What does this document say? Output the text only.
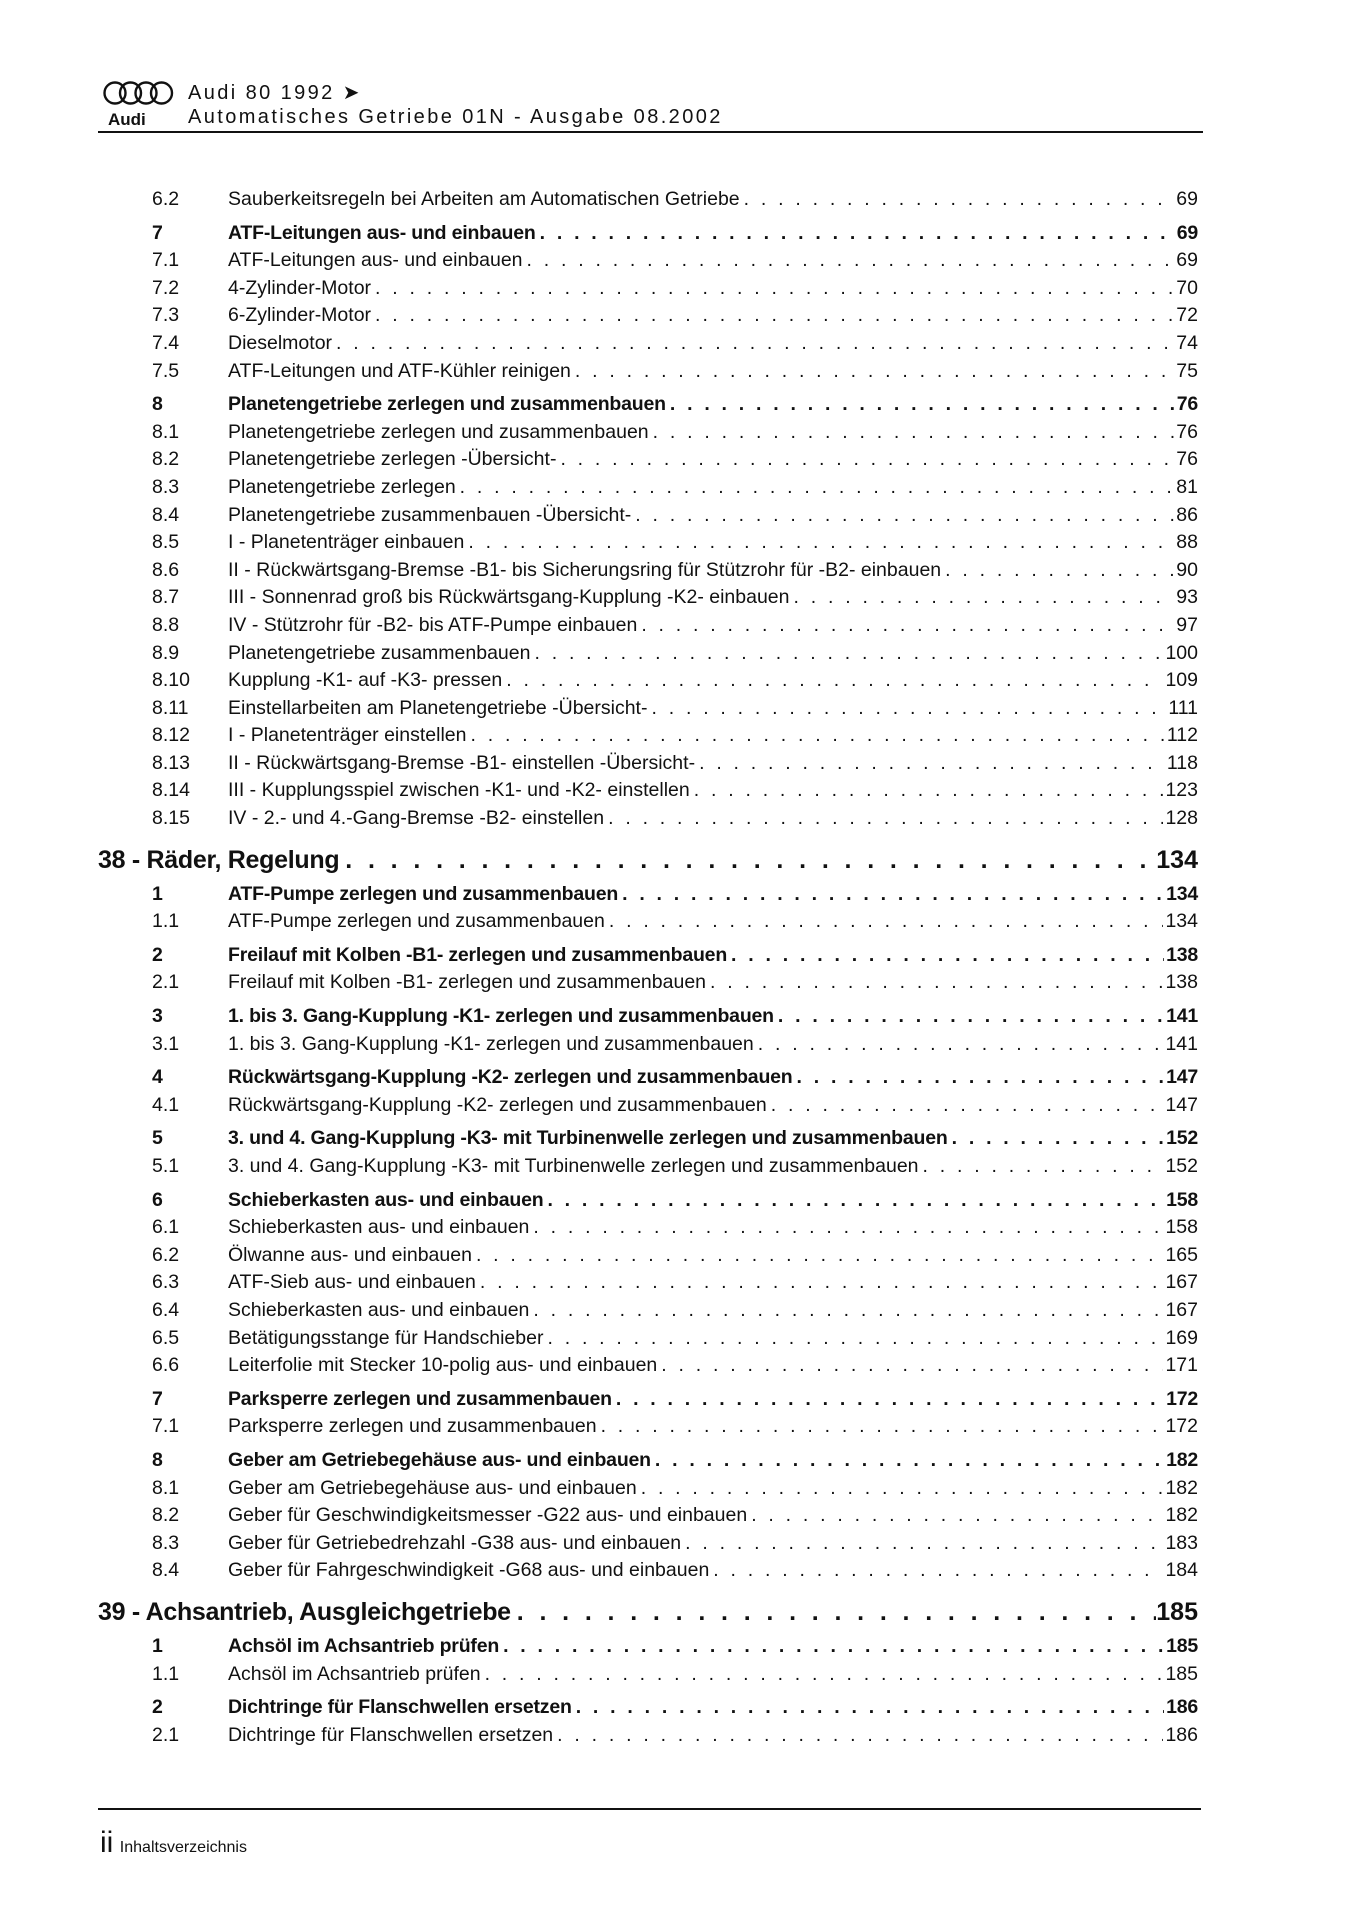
Audi
Audi 80 1992 ➤
Automatisches Getriebe 01N - Ausgabe 08.2002
6.2	Sauberkeitsregeln bei Arbeiten am Automatischen Getriebe . . .	69
7	ATF-Leitungen aus- und einbauen . . .	69
7.1	ATF-Leitungen aus- und einbauen . . .	69
7.2	4-Zylinder-Motor . . .	70
7.3	6-Zylinder-Motor . . .	72
7.4	Dieselmotor . . .	74
7.5	ATF-Leitungen und ATF-Kühler reinigen . . .	75
8	Planetengetriebe zerlegen und zusammenbauen . . .	76
8.1	Planetengetriebe zerlegen und zusammenbauen . . .	76
8.2	Planetengetriebe zerlegen -Übersicht- . . .	76
8.3	Planetengetriebe zerlegen . . .	81
8.4	Planetengetriebe zusammenbauen -Übersicht- . . .	86
8.5	I - Planetenträger einbauen . . .	88
8.6	II - Rückwärtsgang-Bremse -B1- bis Sicherungsring für Stützrohr für -B2- einbauen . . .	90
8.7	III - Sonnenrad groß bis Rückwärtsgang-Kupplung -K2- einbauen . . .	93
8.8	IV - Stützrohr für -B2- bis ATF-Pumpe einbauen . . .	97
8.9	Planetengetriebe zusammenbauen . . .	100
8.10 Kupplung -K1- auf -K3- pressen . . .	109
8.11 Einstellarbeiten am Planetengetriebe -Übersicht- . . .	111
8.12 I - Planetenträger einstellen . . .	112
8.13 II - Rückwärtsgang-Bremse -B1- einstellen -Übersicht- . . .	118
8.14 III - Kupplungsspiel zwischen -K1- und -K2- einstellen . . .	123
8.15 IV - 2.- und 4.-Gang-Bremse -B2- einstellen . . .	128
38 - Räder, Regelung . . .	134
1	ATF-Pumpe zerlegen und zusammenbauen . . .	134
1.1	ATF-Pumpe zerlegen und zusammenbauen . . .	134
2	Freilauf mit Kolben -B1- zerlegen und zusammenbauen . . .	138
2.1	Freilauf mit Kolben -B1- zerlegen und zusammenbauen . . .	138
3	1. bis 3. Gang-Kupplung -K1- zerlegen und zusammenbauen . . .	141
3.1	1. bis 3. Gang-Kupplung -K1- zerlegen und zusammenbauen . . .	141
4	Rückwärtsgang-Kupplung -K2- zerlegen und zusammenbauen . . .	147
4.1	Rückwärtsgang-Kupplung -K2- zerlegen und zusammenbauen . . .	147
5	3. und 4. Gang-Kupplung -K3- mit Turbinenwelle zerlegen und zusammenbauen . . .	152
5.1	3. und 4. Gang-Kupplung -K3- mit Turbinenwelle zerlegen und zusammenbauen . . .	152
6	Schieberkasten aus- und einbauen . . .	158
6.1	Schieberkasten aus- und einbauen . . .	158
6.2	Ölwanne aus- und einbauen . . .	165
6.3	ATF-Sieb aus- und einbauen . . .	167
6.4	Schieberkasten aus- und einbauen . . .	167
6.5	Betätigungsstange für Handschieber . . .	169
6.6	Leiterfolie mit Stecker 10-polig aus- und einbauen . . .	171
7	Parksperre zerlegen und zusammenbauen . . .	172
7.1	Parksperre zerlegen und zusammenbauen . . .	172
8	Geber am Getriebegehäuse aus- und einbauen . . .	182
8.1	Geber am Getriebegehäuse aus- und einbauen . . .	182
8.2	Geber für Geschwindigkeitsmesser -G22 aus- und einbauen . . .	182
8.3	Geber für Getriebedrehzahl -G38 aus- und einbauen . . .	183
8.4	Geber für Fahrgeschwindigkeit -G68 aus- und einbauen . . .	184
39 - Achsantrieb, Ausgleichgetriebe . . .	185
1	Achsöl im Achsantrieb prüfen . . .	185
1.1	Achsöl im Achsantrieb prüfen . . .	185
2	Dichtringe für Flanschwellen ersetzen . . .	186
2.1	Dichtringe für Flanschwellen ersetzen . . .	186
ii Inhaltsverzeichnis
